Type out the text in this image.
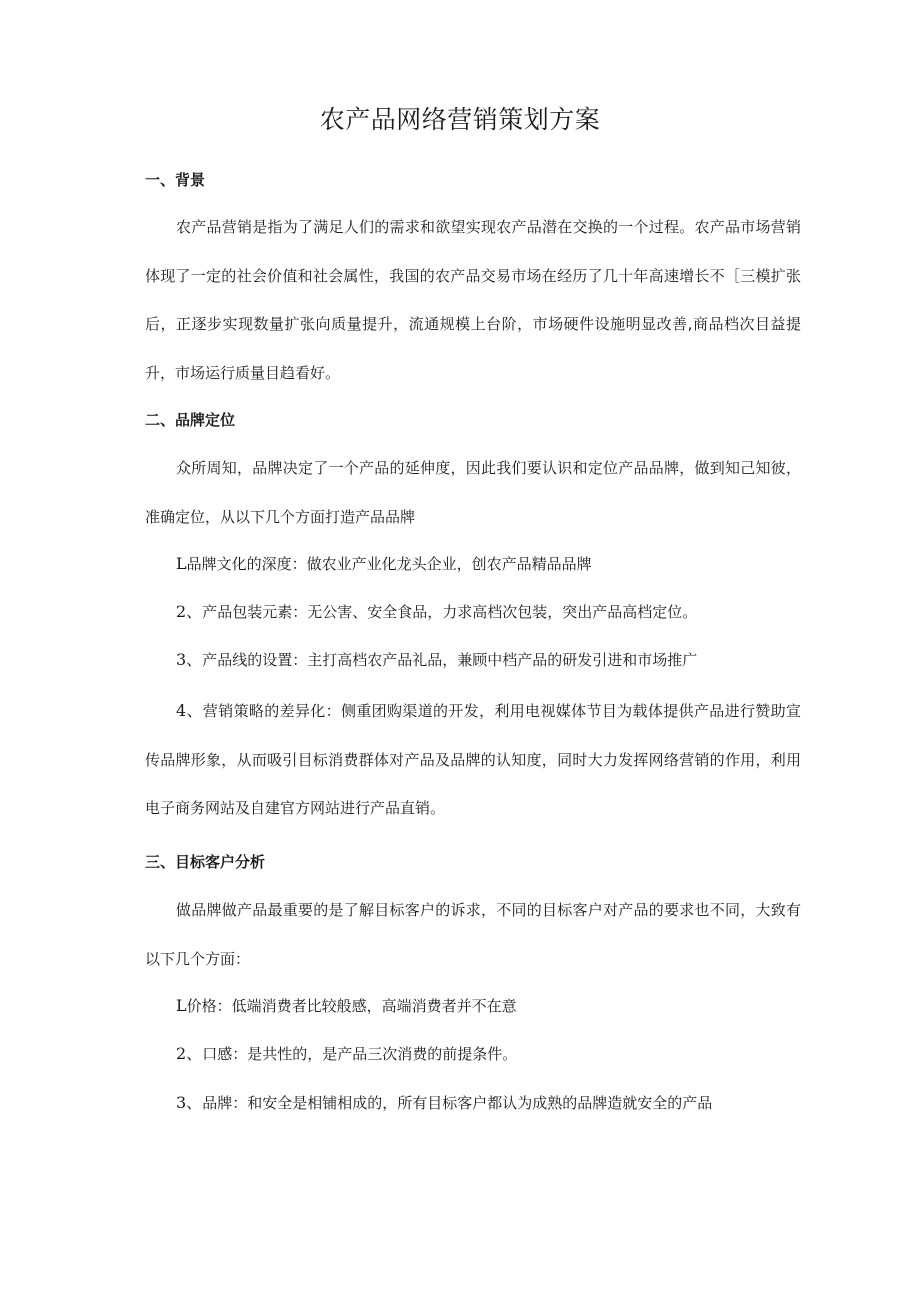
农产品网络营销策划方案
一、背景

农产品营销是指为了满足人们的需求和欲望实现农产品潜在交换的一个过程。农产品市场营销体现了一定的社会价值和社会属性，我国的农产品交易市场在经历了几十年高速增长不［三模扩张后，正逐步实现数量扩张向质量提升，流通规模上台阶，市场硬件设施明显改善,商品档次目益提升，市场运行质量目趋看好。

二、品牌定位

众所周知，品牌决定了一个产品的延伸度，因此我们要认识和定位产品品牌，做到知己知彼，准确定位，从以下几个方面打造产品品牌

L品牌文化的深度：做农业产业化龙头企业，创农产品精品品牌
2、产品包装元素：无公害、安全食品，力求高档次包装，突出产品高档定位。
3、产品线的设置：主打高档农产品礼品，兼顾中档产品的研发引进和市场推广
4、营销策略的差异化：侧重团购渠道的开发，利用电视媒体节目为载体提供产品进行赞助宣传品牌形象，从而吸引目标消费群体对产品及品牌的认知度，同时大力发挥网络营销的作用，利用电子商务网站及自建官方网站进行产品直销。
三、目标客户分析

做品牌做产品最重要的是了解目标客户的诉求，不同的目标客户对产品的要求也不同，大致有以下几个方面：

L价格：低端消费者比较般感，高端消费者并不在意
2、口感：是共性的，是产品三次消费的前提条件。
3、品牌：和安全是相铺相成的，所有目标客户都认为成熟的品牌造就安全的产品
